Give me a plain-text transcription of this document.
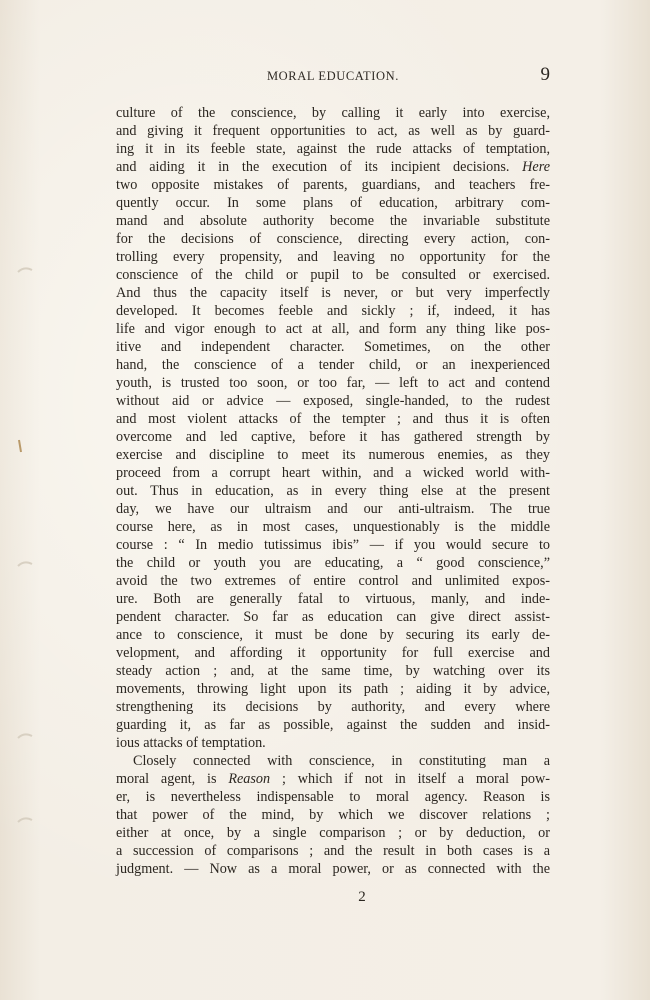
MORAL EDUCATION.	9
culture of the conscience, by calling it early into exercise,
and giving it frequent opportunities to act, as well as by guard-
ing it in its feeble state, against the rude attacks of temptation,
and aiding it in the execution of its incipient decisions. Here
two opposite mistakes of parents, guardians, and teachers fre-
quently occur. In some plans of education, arbitrary com-
mand and absolute authority become the invariable substitute
for the decisions of conscience, directing every action, con-
trolling every propensity, and leaving no opportunity for the
conscience of the child or pupil to be consulted or exercised.
And thus the capacity itself is never, or but very imperfectly
developed. It becomes feeble and sickly ; if, indeed, it has
life and vigor enough to act at all, and form any thing like pos-
itive and independent character. Sometimes, on the other
hand, the conscience of a tender child, or an inexperienced
youth, is trusted too soon, or too far, — left to act and contend
without aid or advice — exposed, single-handed, to the rudest
and most violent attacks of the tempter ; and thus it is often
overcome and led captive, before it has gathered strength by
exercise and discipline to meet its numerous enemies, as they
proceed from a corrupt heart within, and a wicked world with-
out. Thus in education, as in every thing else at the present
day, we have our ultraism and our anti-ultraism. The true
course here, as in most cases, unquestionably is the middle
course : “ In medio tutissimus ibis” — if you would secure to
the child or youth you are educating, a “ good conscience,”
avoid the two extremes of entire control and unlimited expos-
ure. Both are generally fatal to virtuous, manly, and inde-
pendent character. So far as education can give direct assist-
ance to conscience, it must be done by securing its early de-
velopment, and affording it opportunity for full exercise and
steady action ; and, at the same time, by watching over its
movements, throwing light upon its path ; aiding it by advice,
strengthening its decisions by authority, and every where
guarding it, as far as possible, against the sudden and insid-
ious attacks of temptation.
Closely connected with conscience, in constituting man a
moral agent, is Reason ; which if not in itself a moral pow-
er, is nevertheless indispensable to moral agency. Reason is
that power of the mind, by which we discover relations ;
either at once, by a single comparison ; or by deduction, or
a succession of comparisons ; and the result in both cases is a
judgment. — Now as a moral power, or as connected with the
2
